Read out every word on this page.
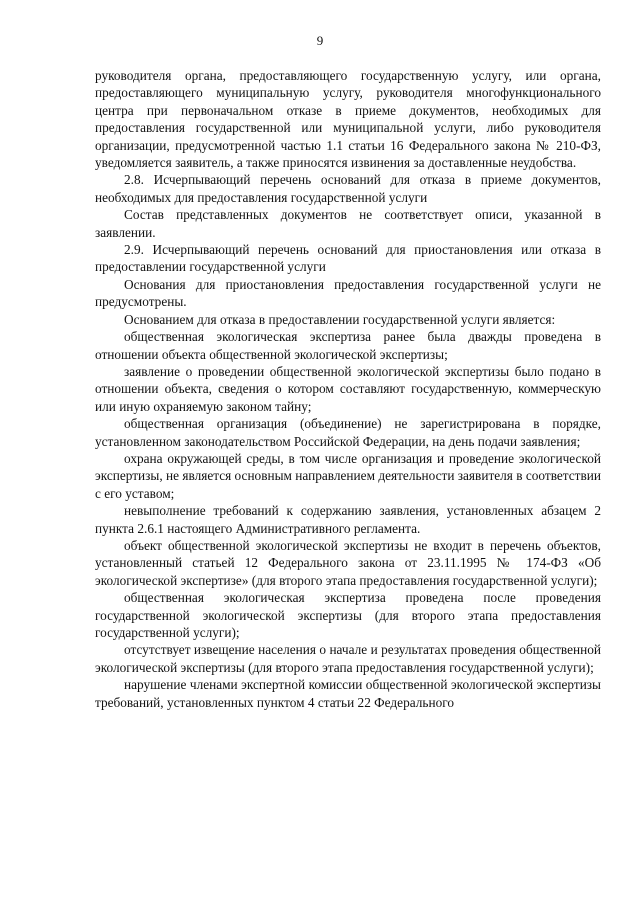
9

руководителя органа, предоставляющего государственную услугу, или органа, предоставляющего муниципальную услугу, руководителя многофункционального центра при первоначальном отказе в приеме документов, необходимых для предоставления государственной или муниципальной услуги, либо руководителя организации, предусмотренной частью 1.1 статьи 16 Федерального закона № 210-ФЗ, уведомляется заявитель, а также приносятся извинения за доставленные неудобства.

2.8. Исчерпывающий перечень оснований для отказа в приеме документов, необходимых для предоставления государственной услуги

Состав представленных документов не соответствует описи, указанной в заявлении.

2.9. Исчерпывающий перечень оснований для приостановления или отказа в предоставлении государственной услуги

Основания для приостановления предоставления государственной услуги не предусмотрены.

Основанием для отказа в предоставлении государственной услуги является:

общественная экологическая экспертиза ранее была дважды проведена в отношении объекта общественной экологической экспертизы;

заявление о проведении общественной экологической экспертизы было подано в отношении объекта, сведения о котором составляют государственную, коммерческую или иную охраняемую законом тайну;

общественная организация (объединение) не зарегистрирована в порядке, установленном законодательством Российской Федерации, на день подачи заявления;

охрана окружающей среды, в том числе организация и проведение экологической экспертизы, не является основным направлением деятельности заявителя в соответствии с его уставом;

невыполнение требований к содержанию заявления, установленных абзацем 2 пункта 2.6.1 настоящего Административного регламента.

объект общественной экологической экспертизы не входит в перечень объектов, установленный статьей 12 Федерального закона от 23.11.1995 № 174-ФЗ «Об экологической экспертизе» (для второго этапа предоставления государственной услуги);

общественная экологическая экспертиза проведена после проведения государственной экологической экспертизы (для второго этапа предоставления государственной услуги);

отсутствует извещение населения о начале и результатах проведения общественной экологической экспертизы (для второго этапа предоставления государственной услуги);

нарушение членами экспертной комиссии общественной экологической экспертизы требований, установленных пунктом 4 статьи 22 Федерального
